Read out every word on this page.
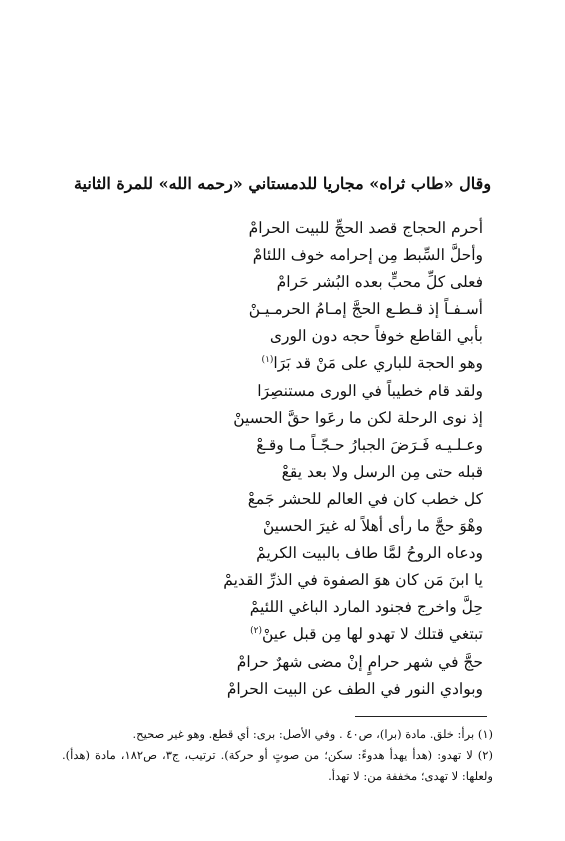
وقال «طاب ثراه» مجاريا للدمستاني «رحمه الله» للمرة الثانية
أحرم الحجاج قصد الحجِّ للبيت الحرامْ
وأحلَّ السِّبط مِن إحرامه خوف اللئامْ
فعلى كلِّ محبٍّ بعده البُشر حَرامْ
أسـفـاً إذ قـطـع الحجَّ إمـامُ الحرمـيـنْ
بأبي القاطع خوفاً حجه دون الورى
وهو الحجة للباري على مَنْ قد بَرَا$^{(١)}$
ولقد قام خطيباً في الورى مستنصِرَا
إذ نوى الرحلة لكن ما رعَوا حقَّ الحسينْ
وعـلـيـه فَـرَضَ الجبارُ حـجّـاً مـا وقـعْ
قبله حتى مِن الرسل ولا بعد يقعْ
كل خطب كان في العالم للحشر جَمعْ
وهْوَ حجَّ ما رأى أهلاً له غيرَ الحسينْ
ودعاه الروحُ لمَّا طاف بالبيت الكريمْ
يا ابنَ مَن كان هوَ الصفوة في الذرِّ القديمْ
حِلَّ واخرج فجنود المارد الباغي اللئيمْ
تبتغي قتلك لا تهدو لها مِن قبل عينْ$^{(٢)}$
حجَّ في شهر حرامٍ إنْ مضى شهرٌ حرامْ
وبوادي النور في الطف عن البيت الحرامْ

(١) برأ: خلق. مادة (برا)، ص٤٠ . وفي الأصل: برى: أي قطع. وهو غير صحيح.

(٢) لا تهدو: (هدأ يهدأ هدوءً: سكن؛ من صوتٍ أو حركة). ترتيب، ج٣، ص١٨٢، مادة (هدأ). ولعلها: لا تهدى؛ مخففة من: لا تهدأ.
